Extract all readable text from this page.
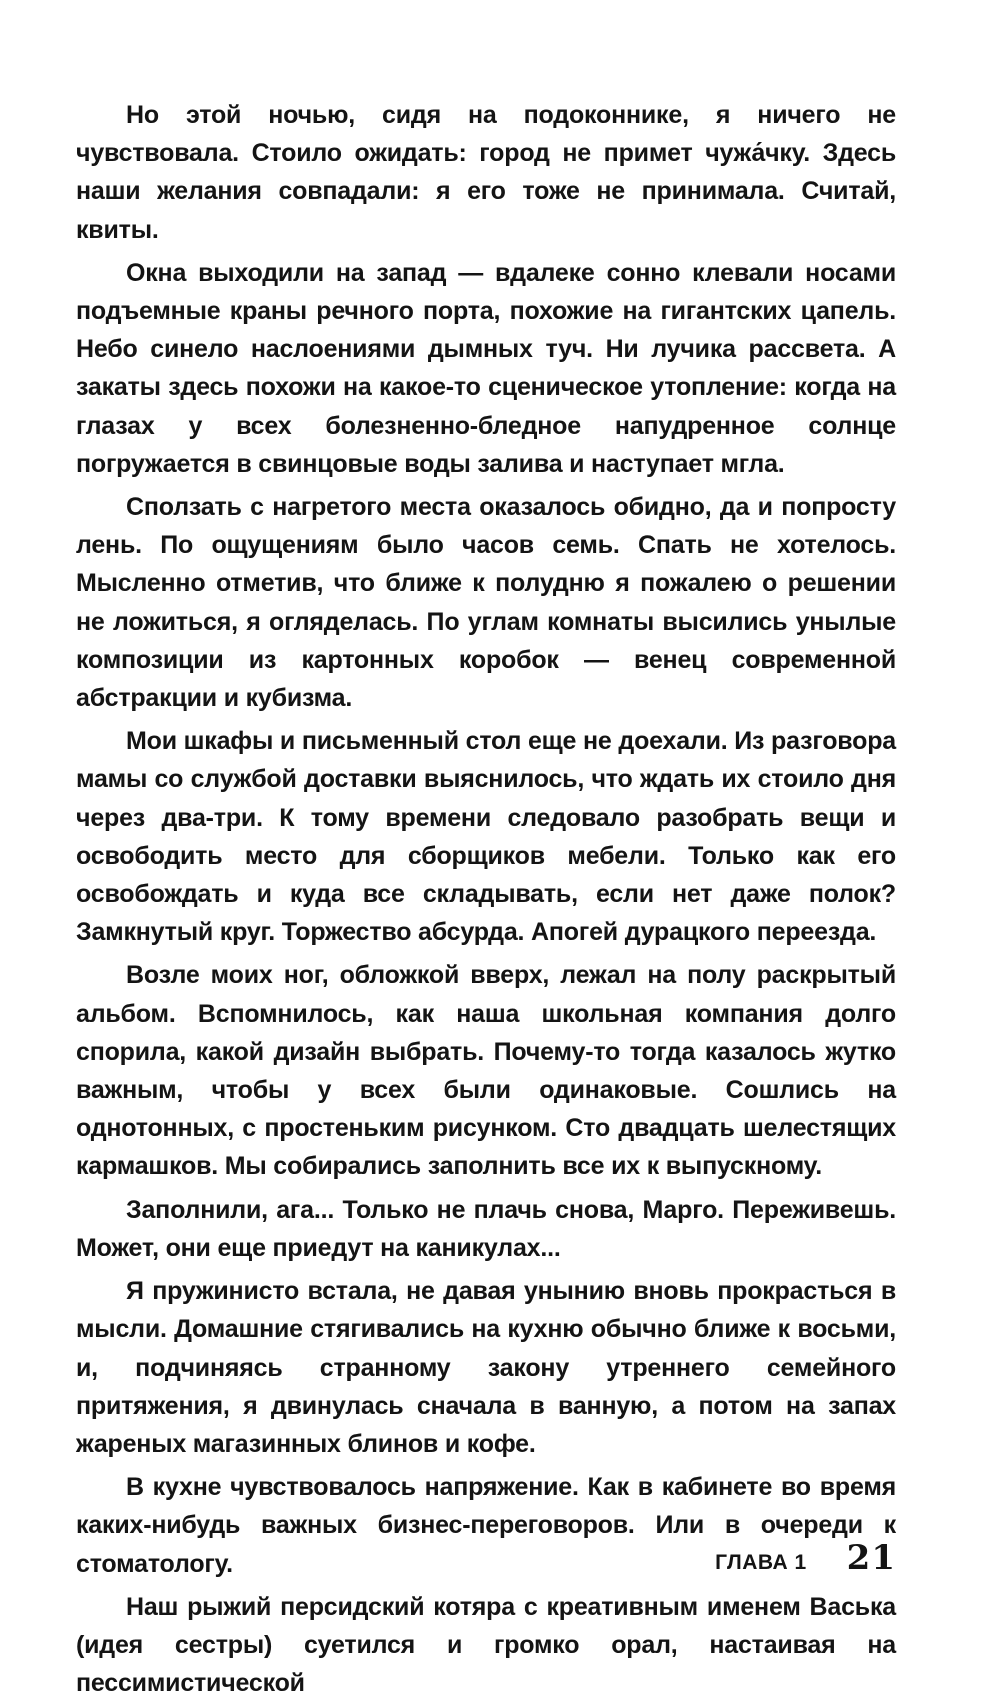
Но этой ночью, сидя на подоконнике, я ничего не чувствовала. Стоило ожидать: город не примет чужа́чку. Здесь наши желания совпадали: я его тоже не принимала. Считай, квиты.

Окна выходили на запад — вдалеке сонно клевали носами подъемные краны речного порта, похожие на гигантских цапель. Небо синело наслоениями дымных туч. Ни лучика рассвета. А закаты здесь похожи на какое-то сценическое утопление: когда на глазах у всех болезненно-бледное напудренное солнце погружается в свинцовые воды залива и наступает мгла.

Сползать с нагретого места оказалось обидно, да и попросту лень. По ощущениям было часов семь. Спать не хотелось. Мысленно отметив, что ближе к полудню я пожалею о решении не ложиться, я огляделась. По углам комнаты высились унылые композиции из картонных коробок — венец современной абстракции и кубизма.

Мои шкафы и письменный стол еще не доехали. Из разговора мамы со службой доставки выяснилось, что ждать их стоило дня через два-три. К тому времени следовало разобрать вещи и освободить место для сборщиков мебели. Только как его освобождать и куда все складывать, если нет даже полок? Замкнутый круг. Торжество абсурда. Апогей дурацкого переезда.

Возле моих ног, обложкой вверх, лежал на полу раскрытый альбом. Вспомнилось, как наша школьная компания долго спорила, какой дизайн выбрать. Почему-то тогда казалось жутко важным, чтобы у всех были одинаковые. Сошлись на однотонных, с простеньким рисунком. Сто двадцать шелестящих кармашков. Мы собирались заполнить все их к выпускному.

Заполнили, ага... Только не плачь снова, Марго. Переживешь. Может, они еще приедут на каникулах...

Я пружинисто встала, не давая унынию вновь прокрасться в мысли. Домашние стягивались на кухню обычно ближе к восьми, и, подчиняясь странному закону утреннего семейного притяжения, я двинулась сначала в ванную, а потом на запах жареных магазинных блинов и кофе.

В кухне чувствовалось напряжение. Как в кабинете во время каких-нибудь важных бизнес-переговоров. Или в очереди к стоматологу.

Наш рыжий персидский котяра с креативным именем Васька (идея сестры) суетился и громко орал, настаивая на пессимистической

ГЛАВА 1 21
